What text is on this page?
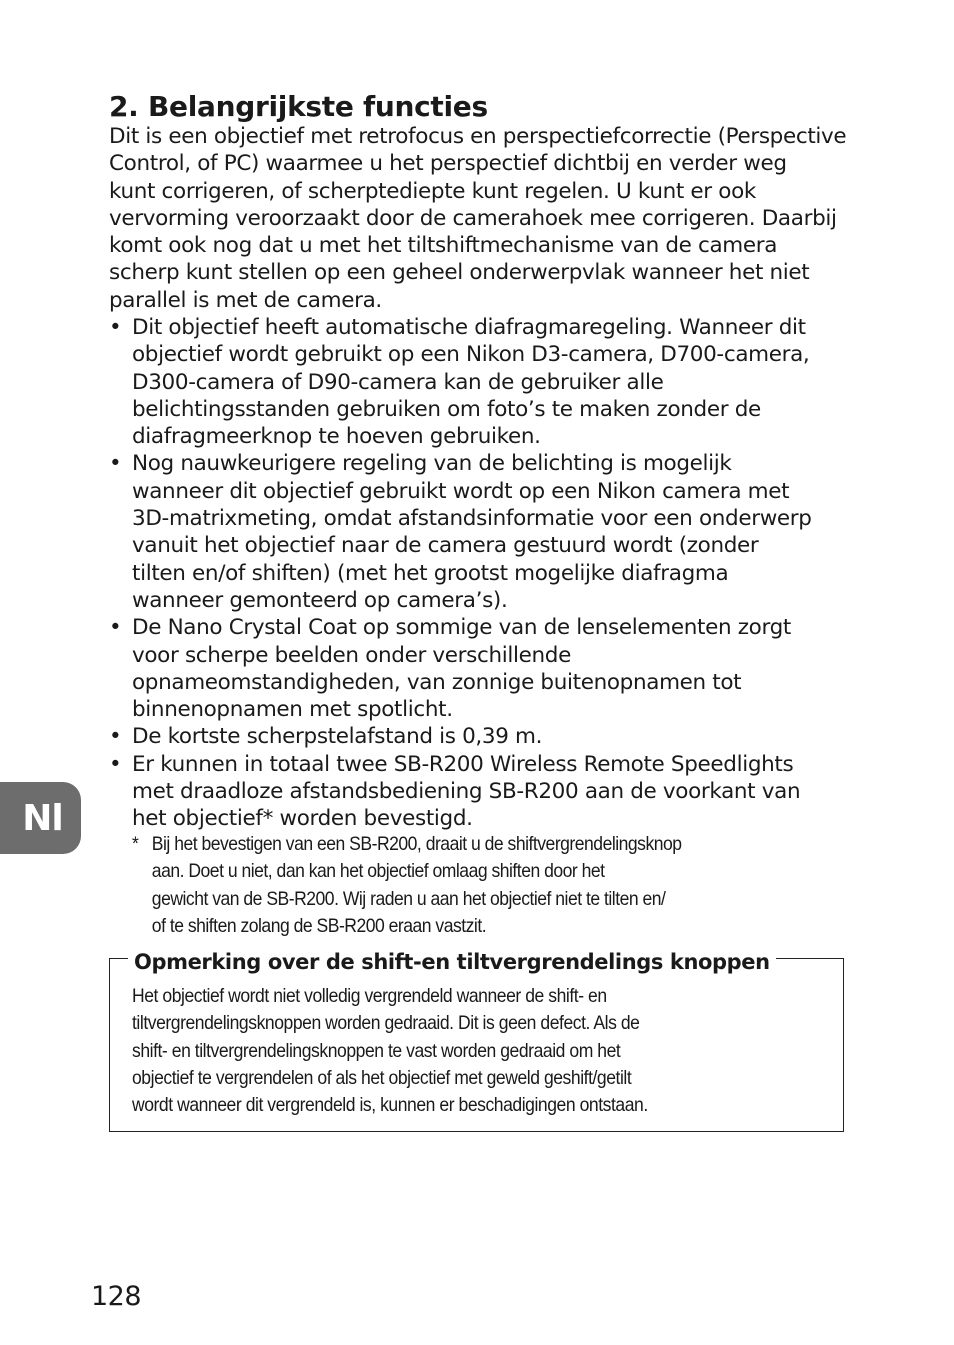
2. Belangrijkste functies

Dit is een objectief met retrofocus en perspectiefcorrectie (Perspective
Control, of PC) waarmee u het perspectief dichtbij en verder weg
kunt corrigeren, of scherptediepte kunt regelen. U kunt er ook
vervorming veroorzaakt door de camerahoek mee corrigeren. Daarbij
komt ook nog dat u met het tiltshiftmechanisme van de camera
scherp kunt stellen op een geheel onderwerpvlak wanneer het niet
parallel is met de camera.

• Dit objectief heeft automatische diafragmaregeling. Wanneer dit
objectief wordt gebruikt op een Nikon D3-camera, D700-camera,
D300-camera of D90-camera kan de gebruiker alle
belichtingsstanden gebruiken om foto’s te maken zonder de
diafragmeerknop te hoeven gebruiken.
• Nog nauwkeurigere regeling van de belichting is mogelijk
wanneer dit objectief gebruikt wordt op een Nikon camera met
3D-matrixmeting, omdat afstandsinformatie voor een onderwerp
vanuit het objectief naar de camera gestuurd wordt (zonder
tilten en/of shiften) (met het grootst mogelijke diafragma
wanneer gemonteerd op camera’s).
• De Nano Crystal Coat op sommige van de lenselementen zorgt
voor scherpe beelden onder verschillende
opnameomstandigheden, van zonnige buitenopnamen tot
binnenopnamen met spotlicht.
• De kortste scherpstelafstand is 0,39 m.
• Er kunnen in totaal twee SB-R200 Wireless Remote Speedlights
met draadloze afstandsbediening SB-R200 aan de voorkant van
het objectief* worden bevestigd.
* Bij het bevestigen van een SB-R200, draait u de shiftvergrendelingsknop
aan. Doet u niet, dan kan het objectief omlaag shiften door het
gewicht van de SB-R200. Wij raden u aan het objectief niet te tilten en/
of te shiften zolang de SB-R200 eraan vastzit.
Opmerking over de shift-en tiltvergrendelings knoppen
Het objectief wordt niet volledig vergrendeld wanneer de shift- en
tiltvergrendelingsknoppen worden gedraaid. Dit is geen defect. Als de
shift- en tiltvergrendelingsknoppen te vast worden gedraaid om het
objectief te vergrendelen of als het objectief met geweld geshift/getilt
wordt wanneer dit vergrendeld is, kunnen er beschadigingen ontstaan.
Nl
128
